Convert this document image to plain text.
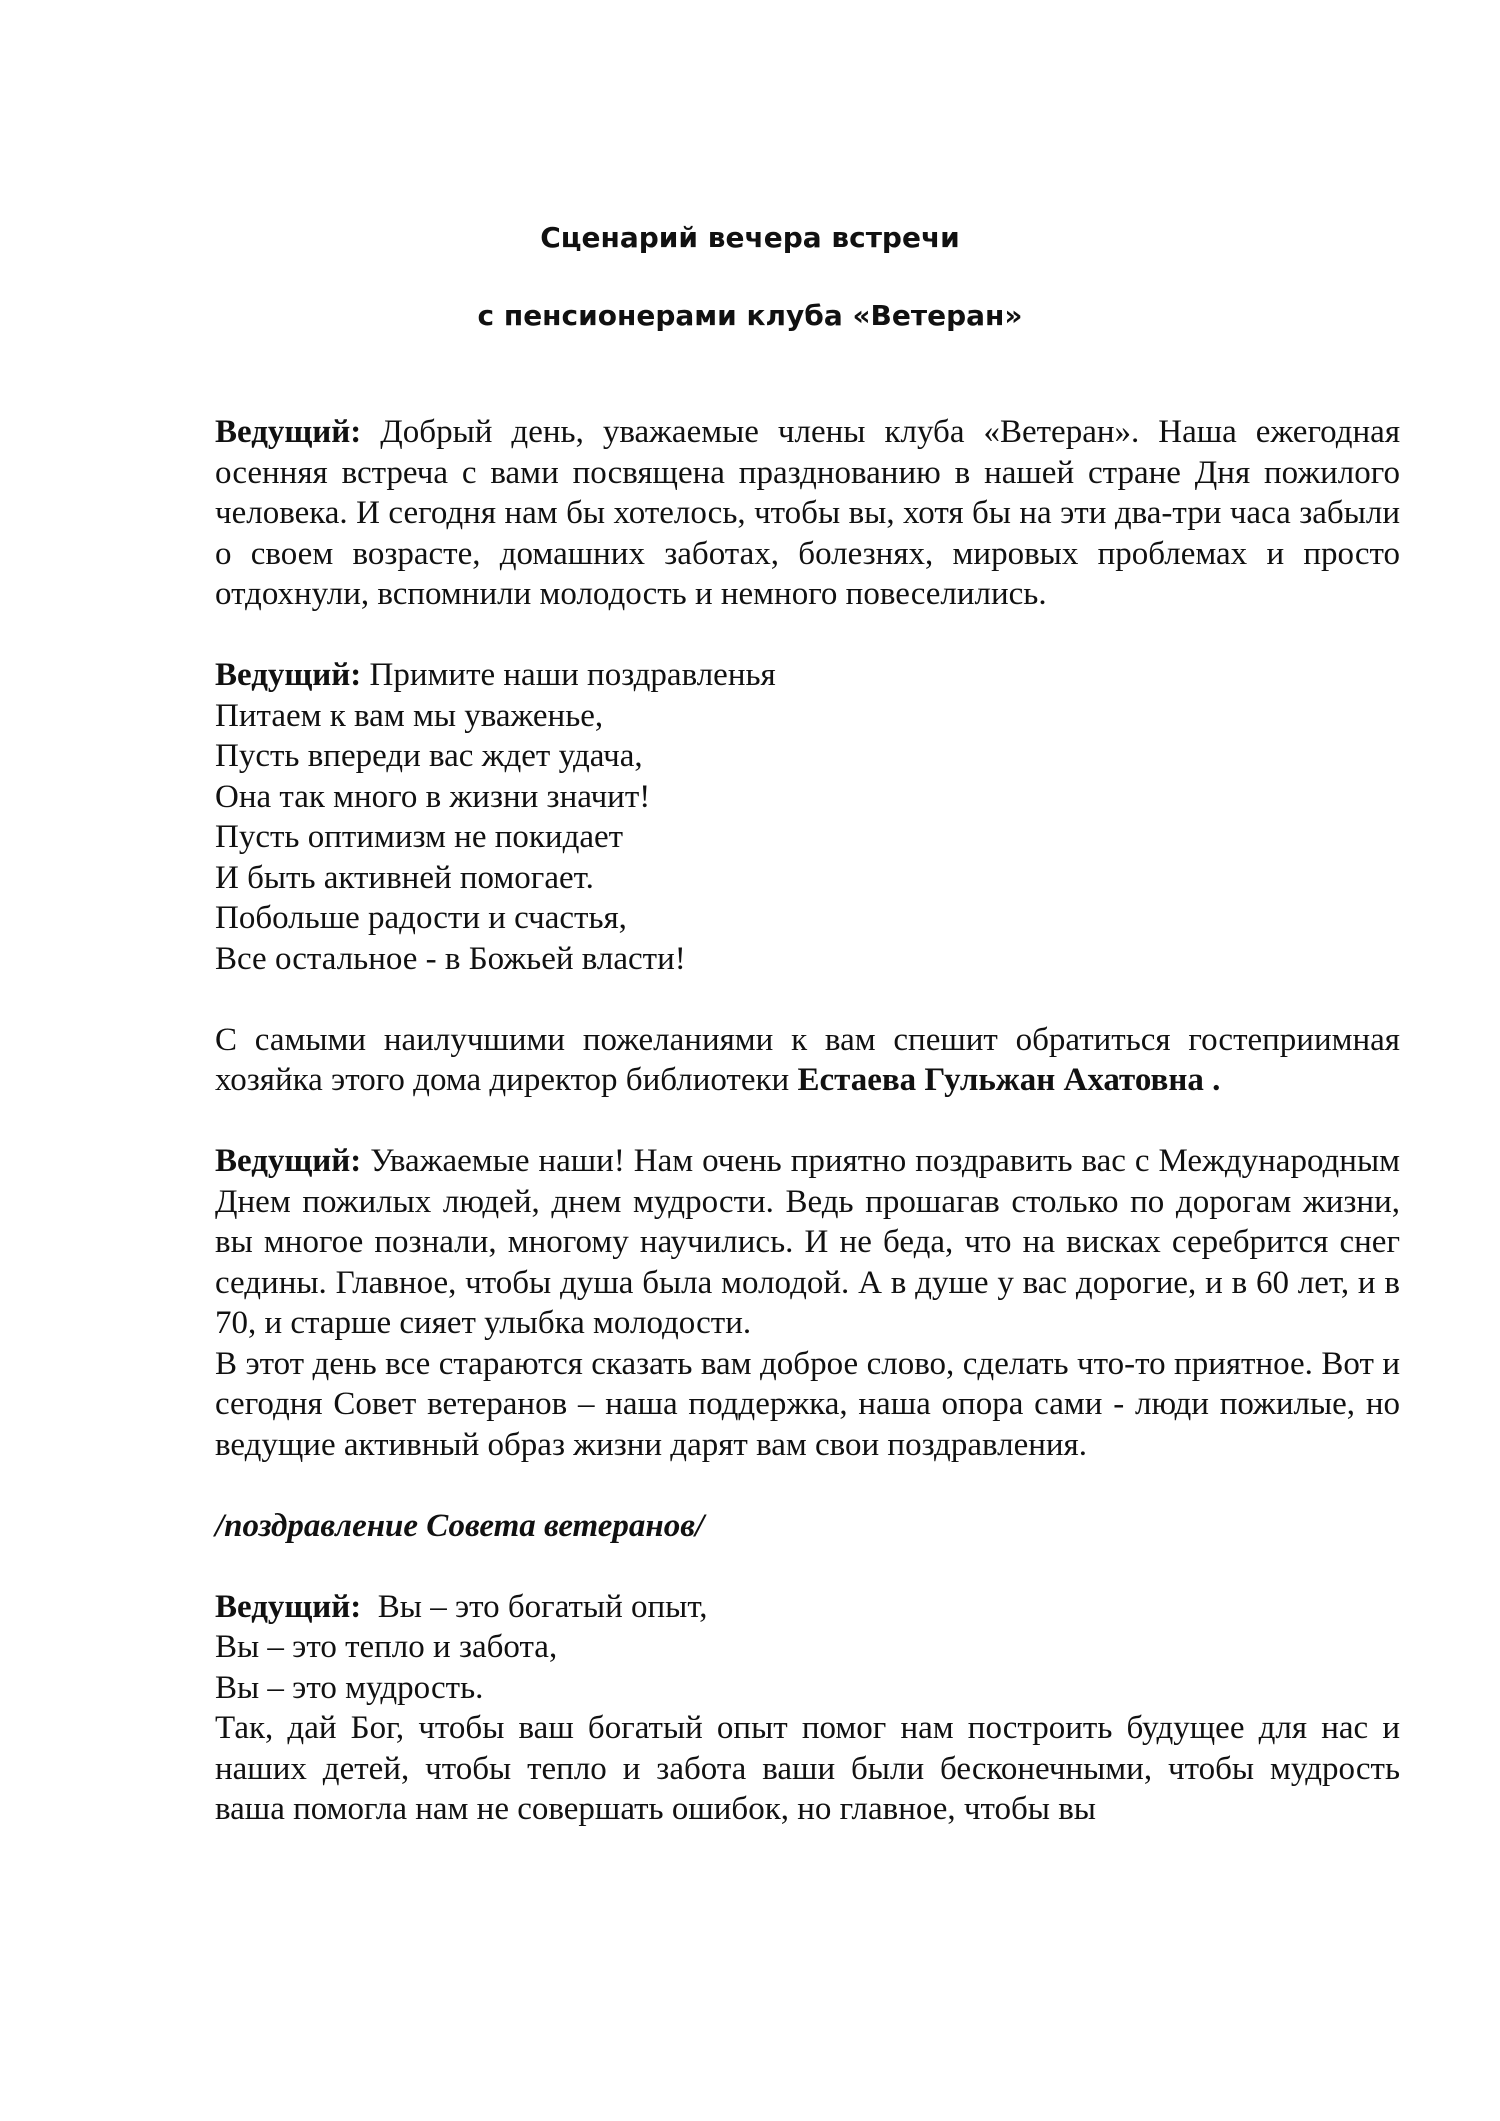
Сценарий вечера встречи
с пенсионерами клуба «Ветеран»

Ведущий: Добрый день, уважаемые члены клуба «Ветеран». Наша ежегодная осенняя встреча с вами посвящена празднованию в нашей стране Дня пожилого человека. И сегодня нам бы хотелось, чтобы вы, хотя бы на эти два-три часа забыли о своем возрасте, домашних заботах, болезнях, мировых проблемах и просто отдохнули, вспомнили молодость и немного повеселились.

Ведущий: Примите наши поздравленья

Питаем к вам мы уваженье,

Пусть впереди вас ждет удача,

Она так много в жизни значит!

Пусть оптимизм не покидает

И быть активней помогает.

Побольше радости и счастья,

Все остальное - в Божьей власти!

С самыми наилучшими пожеланиями к вам спешит обратиться гостеприимная хозяйка этого дома директор библиотеки Естаева Гульжан Ахатовна .

Ведущий: Уважаемые наши! Нам очень приятно поздравить вас с Международным Днем пожилых людей, днем мудрости. Ведь прошагав столько по дорогам жизни, вы многое познали, многому научились. И не беда, что на висках серебрится снег седины. Главное, чтобы душа была молодой. А в душе у вас дорогие, и в 60 лет, и в 70, и старше сияет улыбка молодости.

В этот день все стараются сказать вам доброе слово, сделать что-то приятное. Вот и сегодня Совет ветеранов – наша поддержка, наша опора сами - люди пожилые, но ведущие активный образ жизни дарят вам свои поздравления.

/поздравление Совета ветеранов/

Ведущий:  Вы – это богатый опыт,

Вы – это тепло и забота,

Вы – это мудрость.

Так, дай Бог, чтобы ваш богатый опыт помог нам построить будущее для нас и наших детей, чтобы тепло и забота ваши были бесконечными, чтобы мудрость ваша помогла нам не совершать ошибок, но главное, чтобы вы
